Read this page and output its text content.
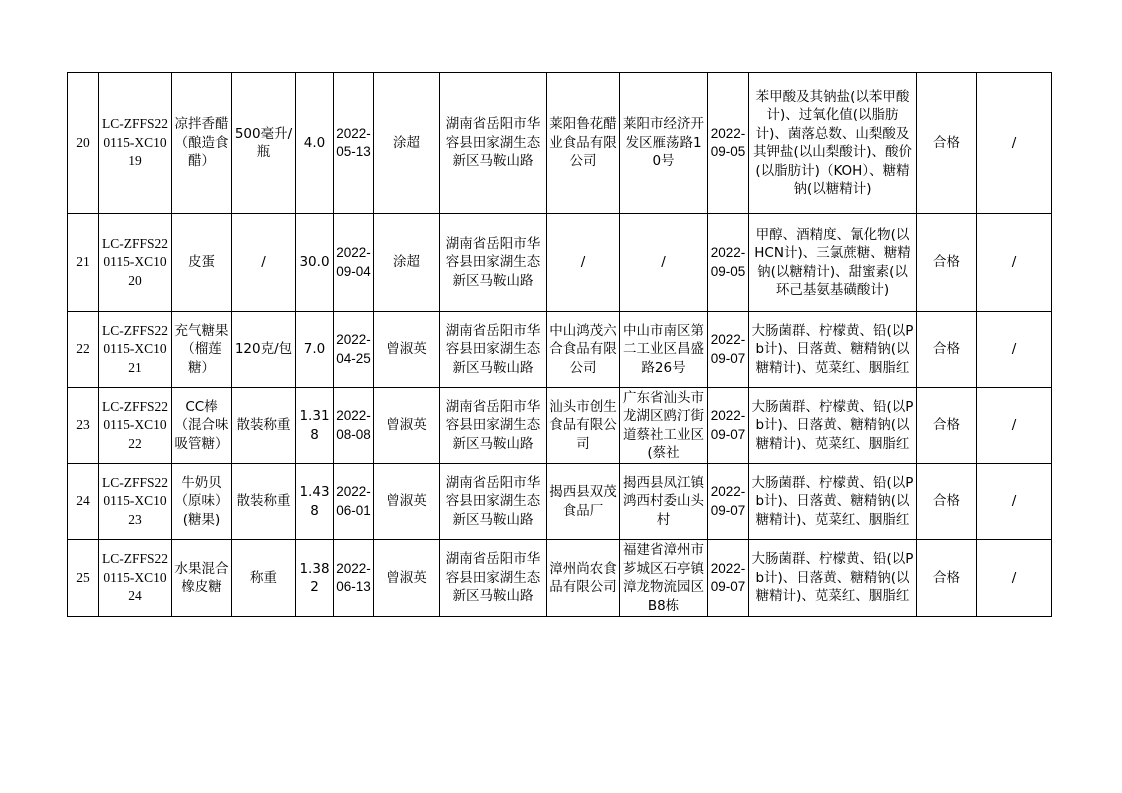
20	LC-ZFFS220115-XC1019	凉拌香醋（酿造食醋）	500毫升/瓶	4.0	2022-05-13	涂超	湖南省岳阳市华容县田家湖生态新区马鞍山路	莱阳鲁花醋业食品有限公司	莱阳市经济开发区雁荡路10号	2022-09-05	苯甲酸及其钠盐(以苯甲酸计)、过氧化值(以脂肪计)、菌落总数、山梨酸及其钾盐(以山梨酸计)、酸价(以脂肪计)（KOH）、糖精钠(以糖精计)	合格	/
21	LC-ZFFS220115-XC1020	皮蛋	/	30.0	2022-09-04	涂超	湖南省岳阳市华容县田家湖生态新区马鞍山路	/	/	2022-09-05	甲醇、酒精度、氰化物(以HCN计)、三氯蔗糖、糖精钠(以糖精计)、甜蜜素(以环己基氨基磺酸计)	合格	/
22	LC-ZFFS220115-XC1021	充气糖果（榴莲糖）	120克/包	7.0	2022-04-25	曾淑英	湖南省岳阳市华容县田家湖生态新区马鞍山路	中山鸿茂六合食品有限公司	中山市南区第二工业区昌盛路26号	2022-09-07	大肠菌群、柠檬黄、铅(以Pb计)、日落黄、糖精钠(以糖精计)、苋菜红、胭脂红	合格	/
23	LC-ZFFS220115-XC1022	CC棒（混合味吸管糖）	散装称重	1.318	2022-08-08	曾淑英	湖南省岳阳市华容县田家湖生态新区马鞍山路	汕头市创生食品有限公司	广东省汕头市龙湖区鸥汀街道蔡社工业区(蔡社	2022-09-07	大肠菌群、柠檬黄、铅(以Pb计)、日落黄、糖精钠(以糖精计)、苋菜红、胭脂红	合格	/
24	LC-ZFFS220115-XC1023	牛奶贝（原味）(糖果)	散装称重	1.438	2022-06-01	曾淑英	湖南省岳阳市华容县田家湖生态新区马鞍山路	揭西县双茂食品厂	揭西县凤江镇鸿西村委山头村	2022-09-07	大肠菌群、柠檬黄、铅(以Pb计)、日落黄、糖精钠(以糖精计)、苋菜红、胭脂红	合格	/
25	LC-ZFFS220115-XC1024	水果混合橡皮糖	称重	1.382	2022-06-13	曾淑英	湖南省岳阳市华容县田家湖生态新区马鞍山路	漳州尚农食品有限公司	福建省漳州市芗城区石亭镇漳龙物流园区B8栋	2022-09-07	大肠菌群、柠檬黄、铅(以Pb计)、日落黄、糖精钠(以糖精计)、苋菜红、胭脂红	合格	/
